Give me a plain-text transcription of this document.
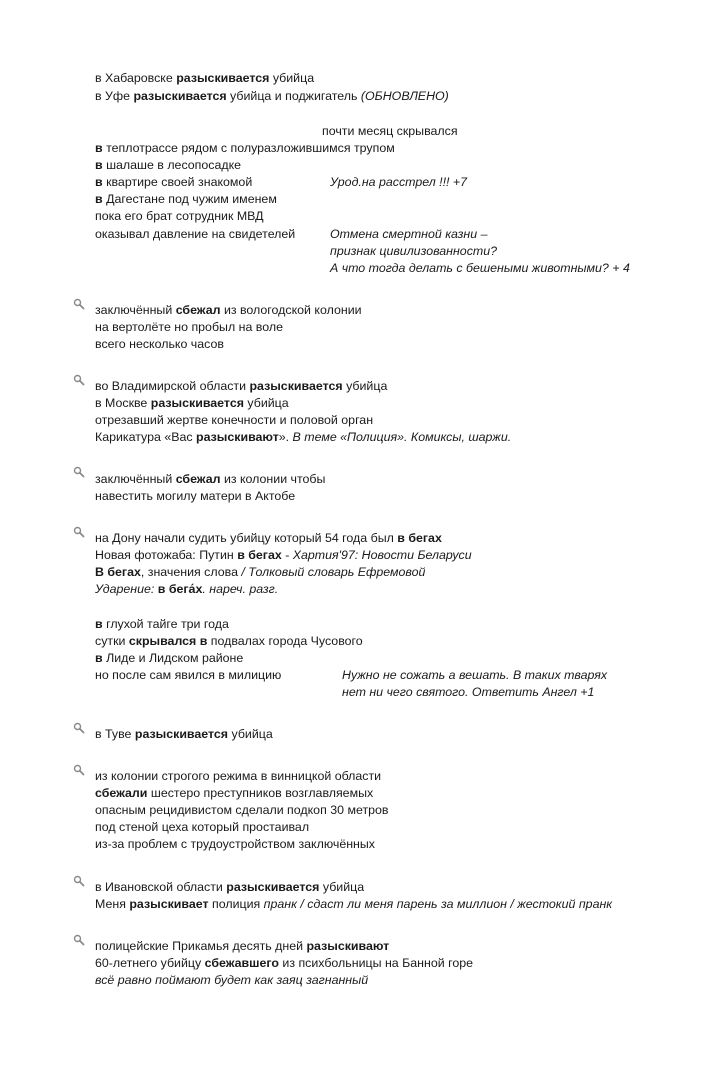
в Хабаровске разыскивается убийца
в Уфе разыскивается убийца и поджигатель (ОБНОВЛЕНО)
почти месяц скрывался
в теплотрассе рядом с полуразложившимся трупом
в шалаше в лесопосадке
в квартире своей знакомой	Урод.на расстрел !!! +7
в Дагестане под чужим именем
пока его брат сотрудник МВД
оказывал давление на свидетелей	Отмена смертной казни –
признак цивилизованности?
А что тогда делать с бешеными животными? + 4
заключённый сбежал из вологодской колонии
на вертолёте но пробыл на воле
всего несколько часов
во Владимирской области разыскивается убийца
в Москве разыскивается убийца
отрезавший жертве конечности и половой орган
Карикатура «Вас разыскивают». В теме «Полиция». Комиксы, шаржи.
заключённый сбежал из колонии чтобы
навестить могилу матери в Актобе
на Дону начали судить убийцу который 54 года был в бегах
Новая фотожаба: Путин в бегах - Хартия'97: Новости Беларуси
В бегах, значения слова / Толковый словарь Ефремовой
Ударение: в бега́х. нареч. разг.
в глухой тайге три года
сутки скрывался в подвалах города Чусового
в Лиде и Лидском районе
но после сам явился в милицию	Нужно не сожать а вешать. В таких тварях
нет ни чего святого. Ответить Ангел +1
в Туве разыскивается убийца
из колонии строгого режима в винницкой области
сбежали шестеро преступников возглавляемых
опасным рецидивистом сделали подкоп 30 метров
под стеной цеха который простаивал
из-за проблем с трудоустройством заключённых
в Ивановской области разыскивается убийца
Меня разыскивает полиция пранк / сдаст ли меня парень за миллион / жестокий пранк
полицейские Прикамья десять дней разыскивают
60-летнего убийцу сбежавшего из психбольницы на Банной горе
всё равно поймают будет как заяц загнанный
